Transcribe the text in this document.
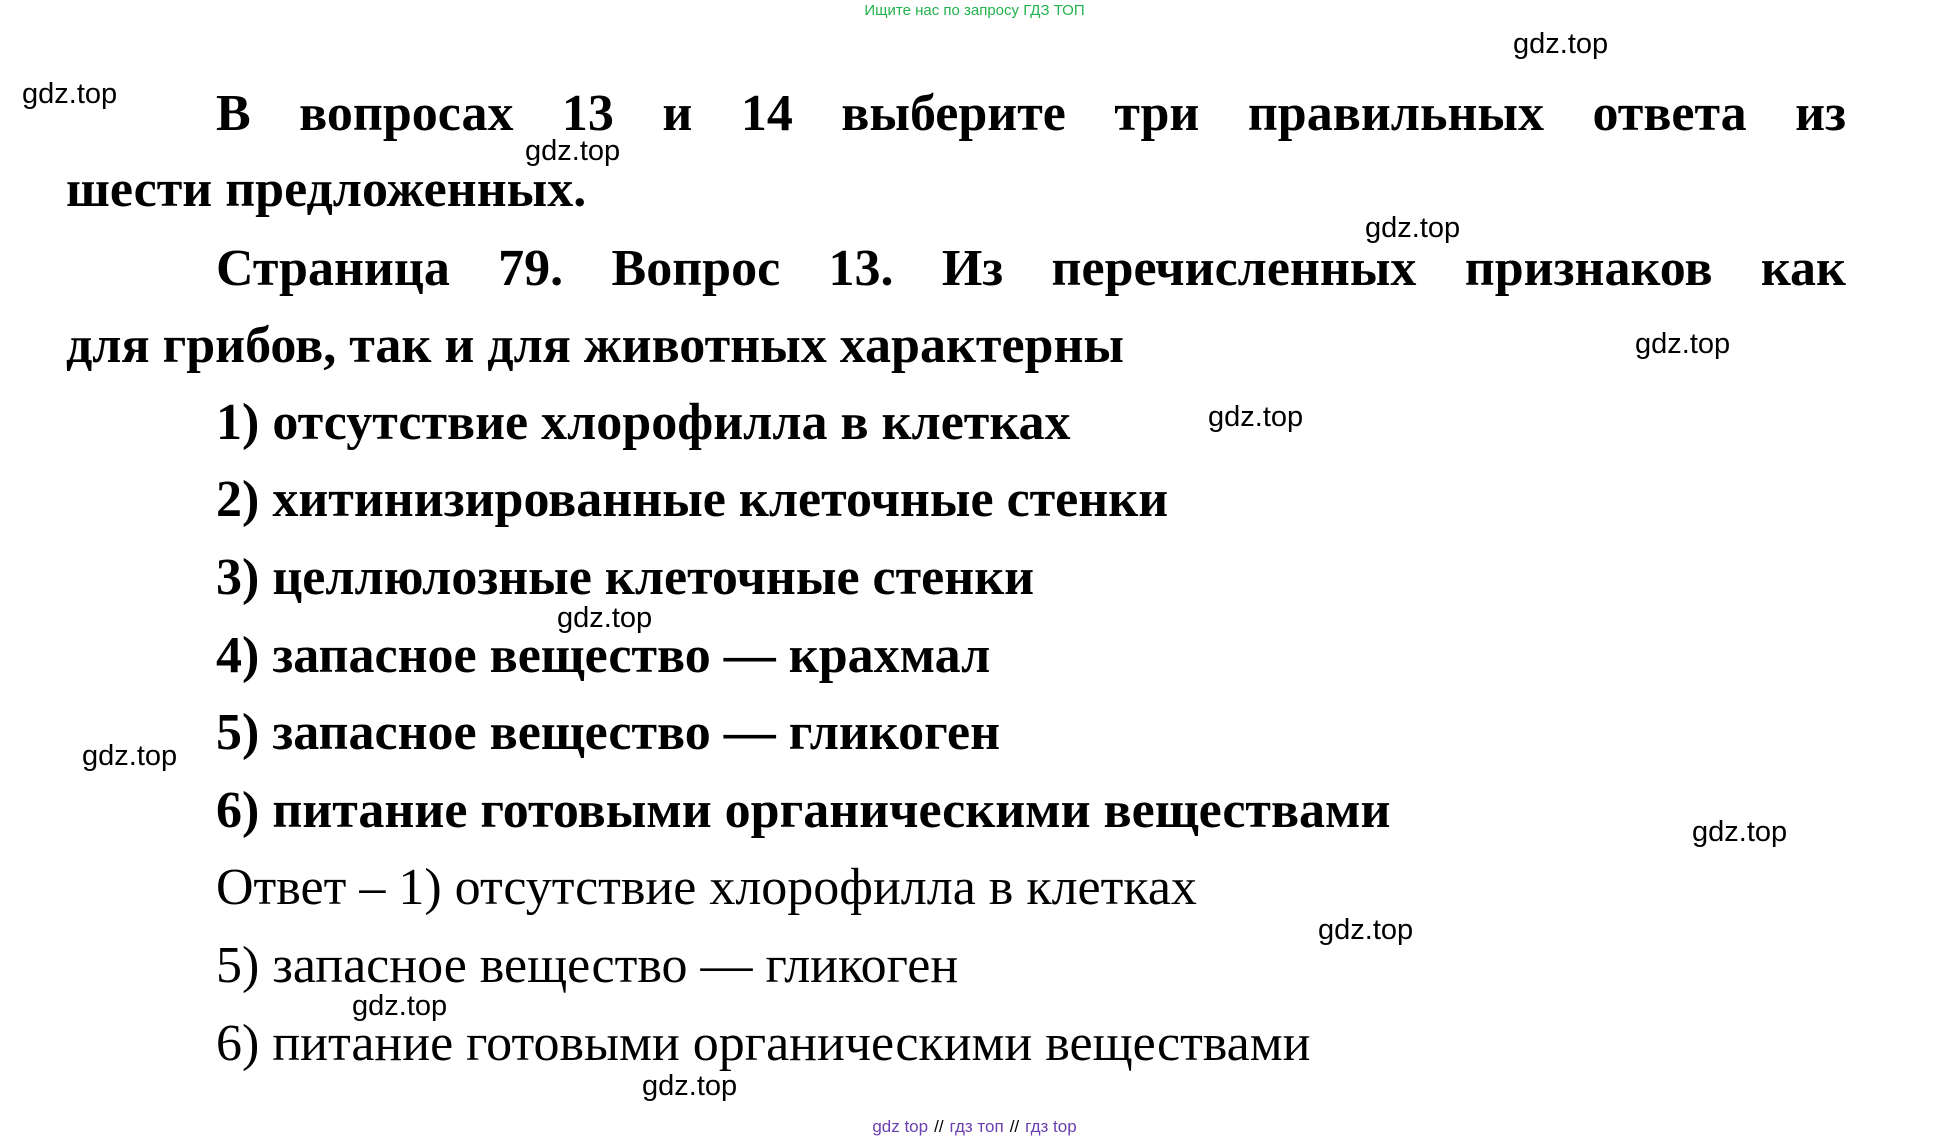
Ищите нас по запросу ГДЗ ТОП
gdz.top
gdz.top
gdz.top
gdz.top
gdz.top
gdz.top
gdz.top
gdz.top
gdz.top
gdz.top
gdz.top
gdz.top
В вопросах 13 и 14 выберите три правильных ответа из
шести предложенных.
Страница 79. Вопрос 13. Из перечисленных признаков как
для грибов, так и для животных характерны
1) отсутствие хлорофилла в клетках
2) хитинизированные клеточные стенки
3) целлюлозные клеточные стенки
4) запасное вещество — крахмал
5) запасное вещество — гликоген
6) питание готовыми органическими веществами
Ответ – 1) отсутствие хлорофилла в клетках
5) запасное вещество — гликоген
6) питание готовыми органическими веществами
gdz top // гдз топ // гдз top
